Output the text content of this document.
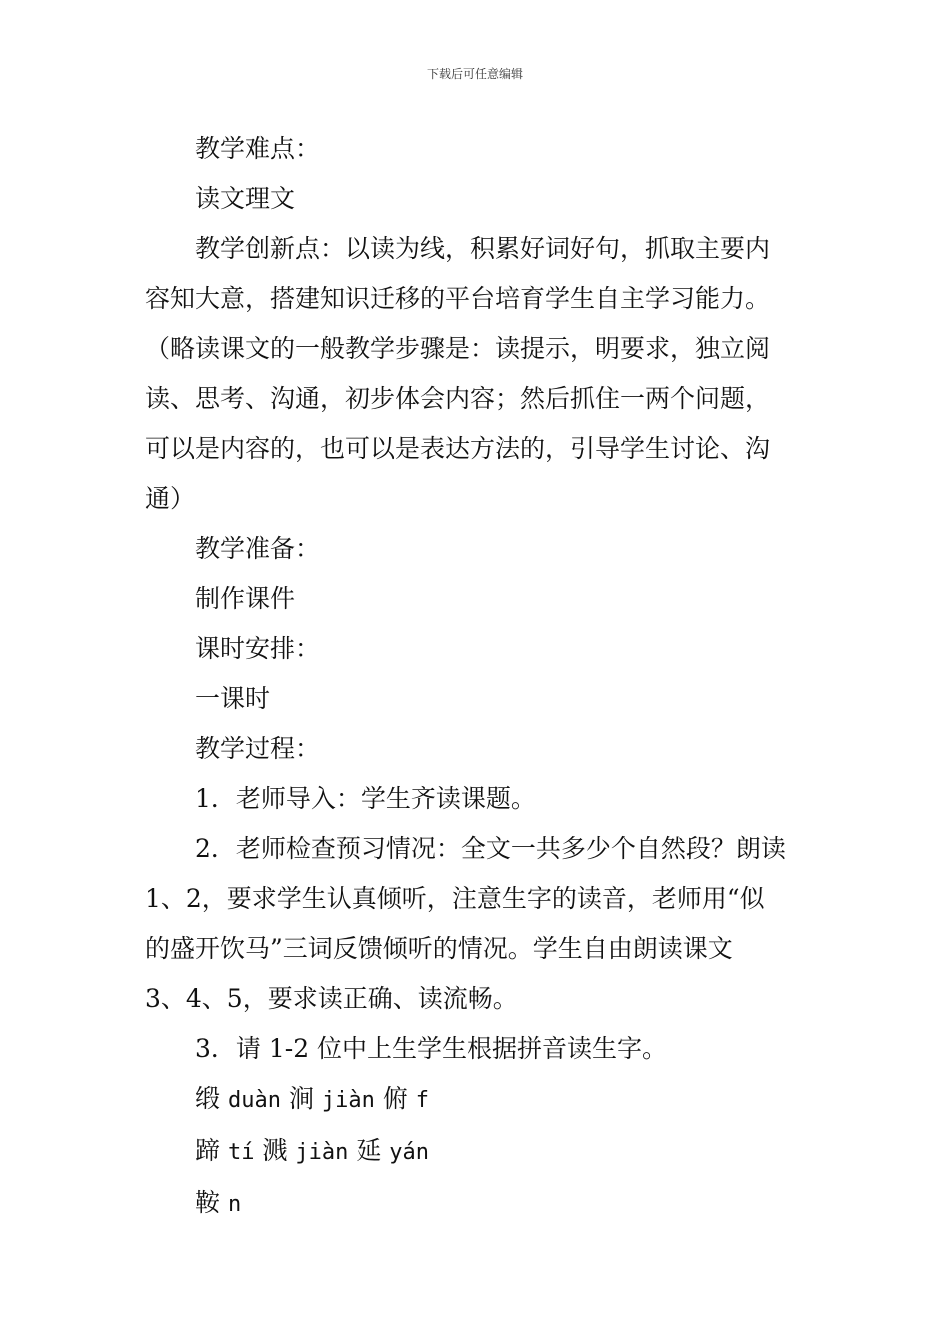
下载后可任意编辑

教学难点：

读文理文

教学创新点：以读为线，积累好词好句，抓取主要内

容知大意，搭建知识迁移的平台培育学生自主学习能力。

（略读课文的一般教学步骤是：读提示，明要求，独立阅

读、思考、沟通，初步体会内容；然后抓住一两个问题，

可以是内容的，也可以是表达方法的，引导学生讨论、沟

通）

教学准备：

制作课件

课时安排：

一课时

教学过程：

1．老师导入：学生齐读课题。

2．老师检查预习情况：全文一共多少个自然段？朗读

1、2，要求学生认真倾听，注意生字的读音，老师用“似

的盛开饮马”三词反馈倾听的情况。学生自由朗读课文

3、4、5，要求读正确、读流畅。

3．请 1-2 位中上生学生根据拼音读生字。

缎 duàn 涧 jiàn 俯 f

蹄 tí 溅 jiàn 延 yán

鞍 n
